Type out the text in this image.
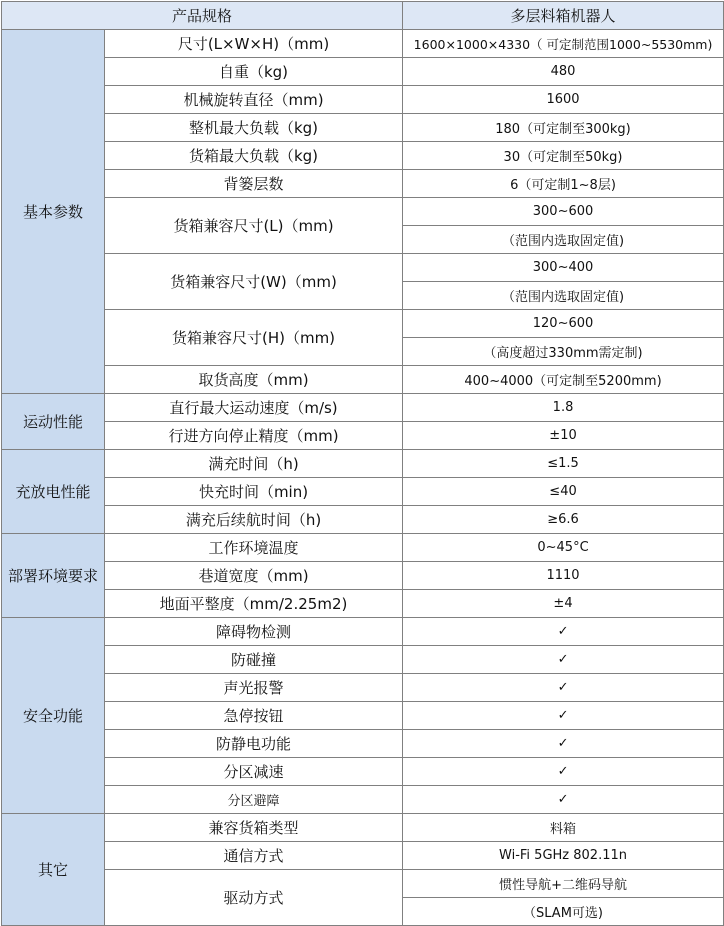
产品规格		多层料箱机器人
基本参数	尺寸(L×W×H)（mm)	1600×1000×4330（ 可定制范围1000~5530mm)
	自重（kg)	480
	机械旋转直径（mm)	1600
	整机最大负载（kg)	180（可定制至300kg)
	货箱最大负载（kg)	30（可定制至50kg)
	背篓层数	6（可定制1~8层)
	货箱兼容尺寸(L)（mm)	300~600
		（范围内选取固定值)
	货箱兼容尺寸(W)（mm)	300~400
		（范围内选取固定值)
	货箱兼容尺寸(H)（mm)	120~600
		（高度超过330mm需定制)
	取货高度（mm)	400~4000（可定制至5200mm)
运动性能	直行最大运动速度（m/s)	1.8
	行进方向停止精度（mm)	±10
充放电性能	满充时间（h)	≤1.5
	快充时间（min)	≤40
	满充后续航时间（h)	≥6.6
部署环境要求	工作环境温度	0~45°C
	巷道宽度（mm)	1110
	地面平整度（mm/2.25m2)	±4
安全功能	障碍物检测	✓
	防碰撞	✓
	声光报警	✓
	急停按钮	✓
	防静电功能	✓
	分区减速	✓
	分区避障	✓
其它	兼容货箱类型	料箱
	通信方式	Wi-Fi 5GHz 802.11n
	驱动方式	惯性导航+二维码导航
		（SLAM可选)
